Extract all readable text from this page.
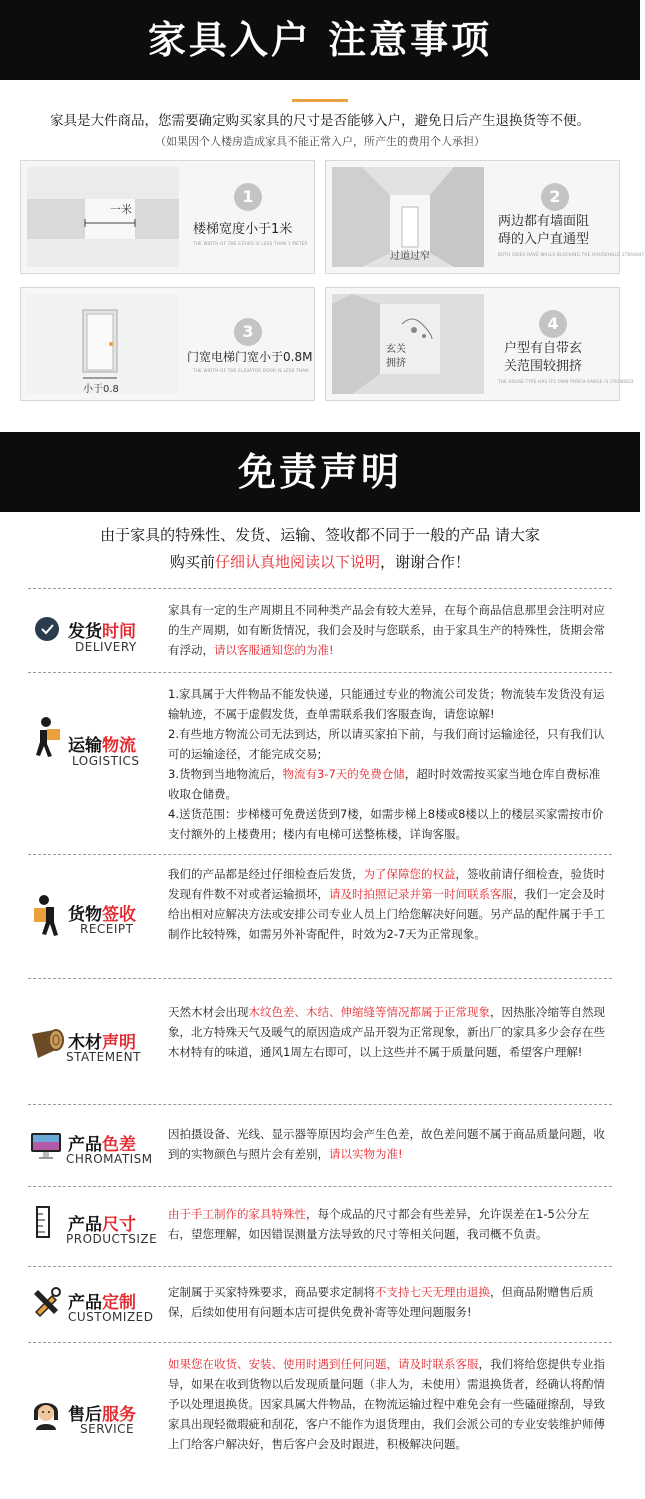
家具入户 注意事项
家具是大件商品，您需要确定购买家具的尺寸是否能够入户，避免日后产生退换货等不便。
（如果因个人楼房造成家具不能正常入户，所产生的费用个人承担）
一米
1
楼梯宽度小于1米
THE WIDTH OF THE STAIRS IS LESS THAN 1 METER
过道过窄
2
两边都有墙面阻
碍的入户直通型
BOTH SIDES HAVE WALLS BLOCKING THE HOUSEHOLD STRAIGHT
小于0.8
3
门宽电梯门宽小于0.8M
THE WIDTH OF THE ELEVATOR DOOR IS LESS THAN
玄关
拥挤
4
户型有自带玄
关范围较拥挤
THE HOUSE TYPE HAS ITS OWN PORCH RANGE IS CROWDED
免责声明
由于家具的特殊性、发货、运输、签收都不同于一般的产品 请大家
购买前仔细认真地阅读以下说明，谢谢合作！
发货时间
DELIVERY
家具有一定的生产周期且不同种类产品会有较大差异，在每个商品信息那里会注明对应的生产周期，如有断货情况，我们会及时与您联系，由于家具生产的特殊性，货期会常有浮动，请以客服通知您的为准!
运输物流
LOGISTICS
1.家具属于大件物品不能发快递，只能通过专业的物流公司发货；物流装车发货没有运输轨迹，不属于虚假发货，查单需联系我们客服查询，请您谅解!
2.有些地方物流公司无法到达，所以请买家拍下前，与我们商讨运输途径，只有我们认可的运输途径，才能完成交易;
3.货物到当地物流后，物流有3-7天的免费仓储，超时时效需按买家当地仓库自费标准收取仓储费。
4.送货范围：步梯楼可免费送货到7楼，如需步梯上8楼或8楼以上的楼层买家需按市价支付额外的上楼费用；楼内有电梯可送整栋楼，详询客服。
货物签收
RECEIPT
我们的产品都是经过仔细检查后发货，为了保障您的权益，签收前请仔细检查，验货时发现有件数不对或者运输损坏，请及时拍照记录并第一时间联系客服，我们一定会及时给出相对应解决方法或安排公司专业人员上门给您解决好问题。另产品的配件属于手工制作比较特殊，如需另外补寄配件，时效为2-7天为正常现象。
木材声明
STATEMENT
天然木材会出现木纹色差、木结、伸缩缝等情况都属于正常现象，因热胀冷缩等自然现象，北方特殊天气及暖气的原因造成产品开裂为正常现象，新出厂的家具多少会存在些木材特有的味道，通风1周左右即可，以上这些并不属于质量问题，希望客户理解!
产品色差
CHROMATISM
因拍摄设备、光线、显示器等原因均会产生色差，故色差问题不属于商品质量问题，收到的实物颜色与照片会有差别，请以实物为准!
产品尺寸
PRODUCTSIZE
由于手工制作的家具特殊性，每个成品的尺寸都会有些差异，允许误差在1-5公分左右，望您理解，如因错误测量方法导致的尺寸等相关问题，我司概不负责。
产品定制
CUSTOMIZED
定制属于买家特殊要求，商品要求定制将不支持七天无理由退换，但商品附赠售后质保，后续如使用有问题本店可提供免费补寄等处理问题服务!
售后服务
SERVICE
如果您在收货、安装、使用时遇到任何问题，请及时联系客服，我们将给您提供专业指导，如果在收到货物以后发现质量问题（非人为，未使用）需退换货者，经确认将酌情予以处理退换货。因家具属大件物品，在物流运输过程中难免会有一些磕碰擦刮，导致家具出现轻微瑕疵和刮花，客户不能作为退货理由，我们会派公司的专业安装维护师傅上门给客户解决好，售后客户会及时跟进，积极解决问题。
